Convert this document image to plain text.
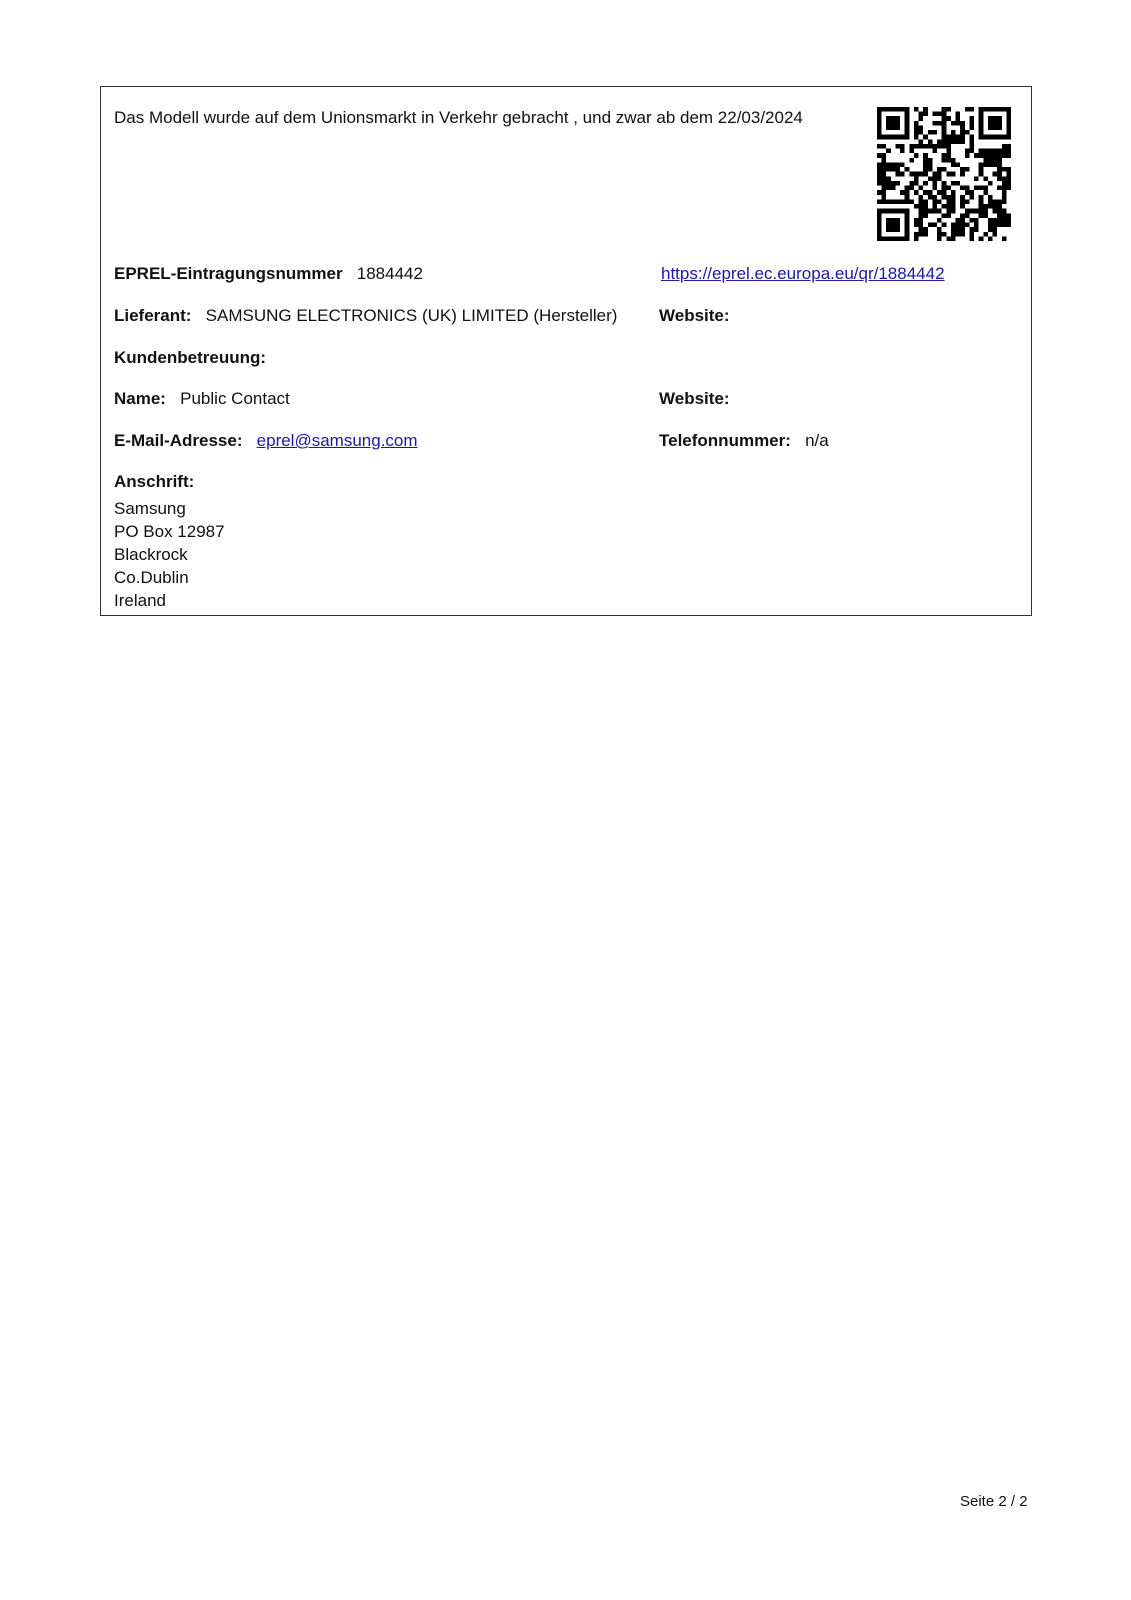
Das Modell wurde auf dem Unionsmarkt in Verkehr gebracht , und zwar ab dem 22/03/2024
EPREL-Eintragungsnummer 1884442	https://eprel.ec.europa.eu/qr/1884442
Lieferant: SAMSUNG ELECTRONICS (UK) LIMITED (Hersteller) Website:
Kundenbetreuung:
Name: Public Contact	Website:
E-Mail-Adresse: eprel@samsung.com	Telefonnummer: n/a
Anschrift:
Samsung
PO Box 12987
Blackrock
Co.Dublin
Ireland
Seite 2 / 2
